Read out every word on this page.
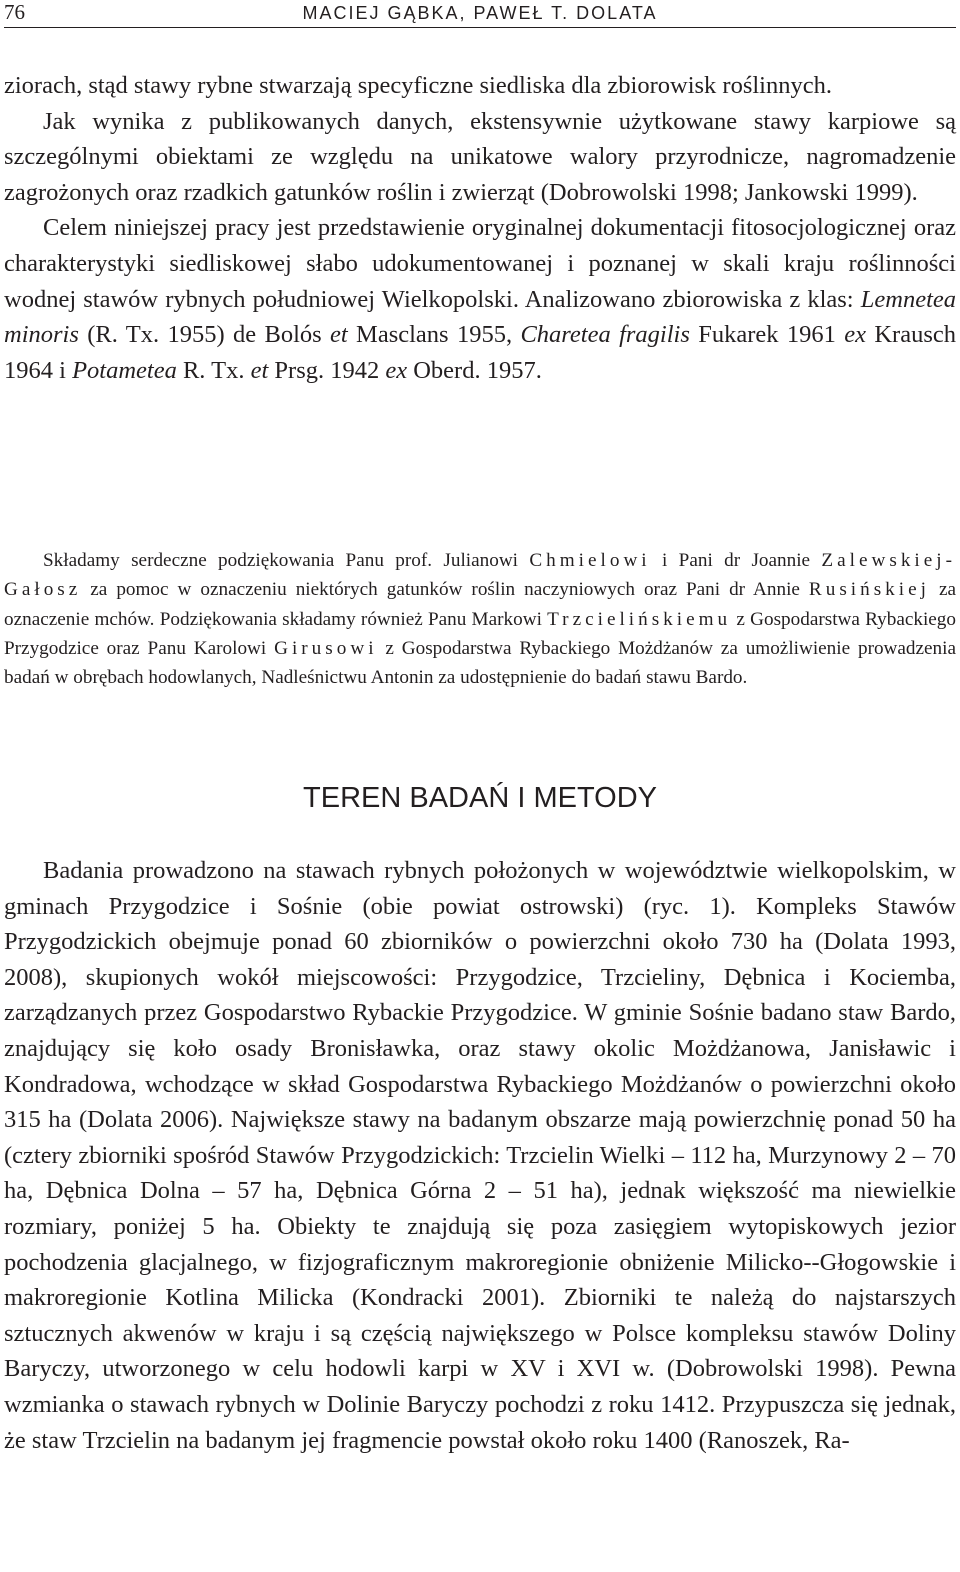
76	MACIEJ GĄBKA, PAWEŁ T. DOLATA

ziorach, stąd stawy rybne stwarzają specyficzne siedliska dla zbiorowisk roślinnych.

Jak wynika z publikowanych danych, ekstensywnie użytkowane stawy karpiowe są szczególnymi obiektami ze względu na unikatowe walory przyrodnicze, nagromadzenie zagrożonych oraz rzadkich gatunków roślin i zwierząt (Dobrowolski 1998; Jankowski 1999).

Celem niniejszej pracy jest przedstawienie oryginalnej dokumentacji fitosocjologicznej oraz charakterystyki siedliskowej słabo udokumentowanej i poznanej w skali kraju roślinności wodnej stawów rybnych południowej Wielkopolski. Analizowano zbiorowiska z klas: Lemnetea minoris (R. Tx. 1955) de Bolós et Masclans 1955, Charetea fragilis Fukarek 1961 ex Krausch 1964 i Potametea R. Tx. et Prsg. 1942 ex Oberd. 1957.

Składamy serdeczne podziękowania Panu prof. Julianowi Chmielowi i Pani dr Joannie Zalewskiej-Gałosz za pomoc w oznaczeniu niektórych gatunków roślin naczyniowych oraz Pani dr Annie Rusińskiej za oznaczenie mchów. Podziękowania składamy również Panu Markowi Trzcielińskiemu z Gospodarstwa Rybackiego Przygodzice oraz Panu Karolowi Girusowi z Gospodarstwa Rybackiego Możdżanów za umożliwienie prowadzenia badań w obrębach hodowlanych, Nadleśnictwu Antonin za udostępnienie do badań stawu Bardo.

TEREN BADAŃ I METODY

Badania prowadzono na stawach rybnych położonych w województwie wielkopolskim, w gminach Przygodzice i Sośnie (obie powiat ostrowski) (ryc. 1). Kompleks Stawów Przygodzickich obejmuje ponad 60 zbiorników o powierzchni około 730 ha (Dolata 1993, 2008), skupionych wokół miejscowości: Przygodzice, Trzcieliny, Dębnica i Kociemba, zarządzanych przez Gospodarstwo Rybackie Przygodzice. W gminie Sośnie badano staw Bardo, znajdujący się koło osady Bronisławka, oraz stawy okolic Możdżanowa, Janisławic i Kondradowa, wchodzące w skład Gospodarstwa Rybackiego Możdżanów o powierzchni około 315 ha (Dolata 2006). Największe stawy na badanym obszarze mają powierzchnię ponad 50 ha (cztery zbiorniki spośród Stawów Przygodzickich: Trzcielin Wielki – 112 ha, Murzynowy 2 – 70 ha, Dębnica Dolna – 57 ha, Dębnica Górna 2 – 51 ha), jednak większość ma niewielkie rozmiary, poniżej 5 ha. Obiekty te znajdują się poza zasięgiem wytopiskowych jezior pochodzenia glacjalnego, w fizjograficznym makroregionie obniżenie Milicko--Głogowskie i makroregionie Kotlina Milicka (Kondracki 2001). Zbiorniki te należą do najstarszych sztucznych akwenów w kraju i są częścią największego w Polsce kompleksu stawów Doliny Baryczy, utworzonego w celu hodowli karpi w XV i XVI w. (Dobrowolski 1998). Pewna wzmianka o stawach rybnych w Dolinie Baryczy pochodzi z roku 1412. Przypuszcza się jednak, że staw Trzcielin na badanym jej fragmencie powstał około roku 1400 (Ranoszek, Ra-
